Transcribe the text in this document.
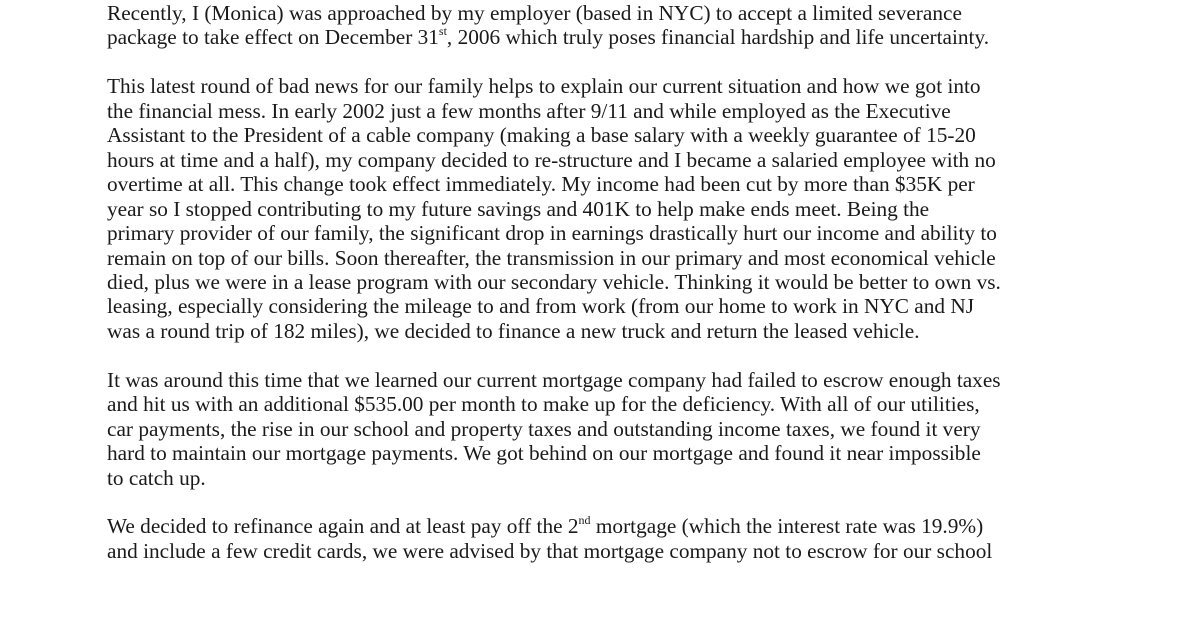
Recently, I (Monica) was approached by my employer (based in NYC) to accept a limited severance
package to take effect on December 31st, 2006 which truly poses financial hardship and life uncertainty.

This latest round of bad news for our family helps to explain our current situation and how we got into
the financial mess. In early 2002 just a few months after 9/11 and while employed as the Executive
Assistant to the President of a cable company (making a base salary with a weekly guarantee of 15-20
hours at time and a half), my company decided to re-structure and I became a salaried employee with no
overtime at all. This change took effect immediately. My income had been cut by more than $35K per
year so I stopped contributing to my future savings and 401K to help make ends meet. Being the
primary provider of our family, the significant drop in earnings drastically hurt our income and ability to
remain on top of our bills. Soon thereafter, the transmission in our primary and most economical vehicle
died, plus we were in a lease program with our secondary vehicle. Thinking it would be better to own vs.
leasing, especially considering the mileage to and from work (from our home to work in NYC and NJ
was a round trip of 182 miles), we decided to finance a new truck and return the leased vehicle.

It was around this time that we learned our current mortgage company had failed to escrow enough taxes
and hit us with an additional $535.00 per month to make up for the deficiency. With all of our utilities,
car payments, the rise in our school and property taxes and outstanding income taxes, we found it very
hard to maintain our mortgage payments. We got behind on our mortgage and found it near impossible
to catch up.

We decided to refinance again and at least pay off the 2nd mortgage (which the interest rate was 19.9%)
and include a few credit cards, we were advised by that mortgage company not to escrow for our school
